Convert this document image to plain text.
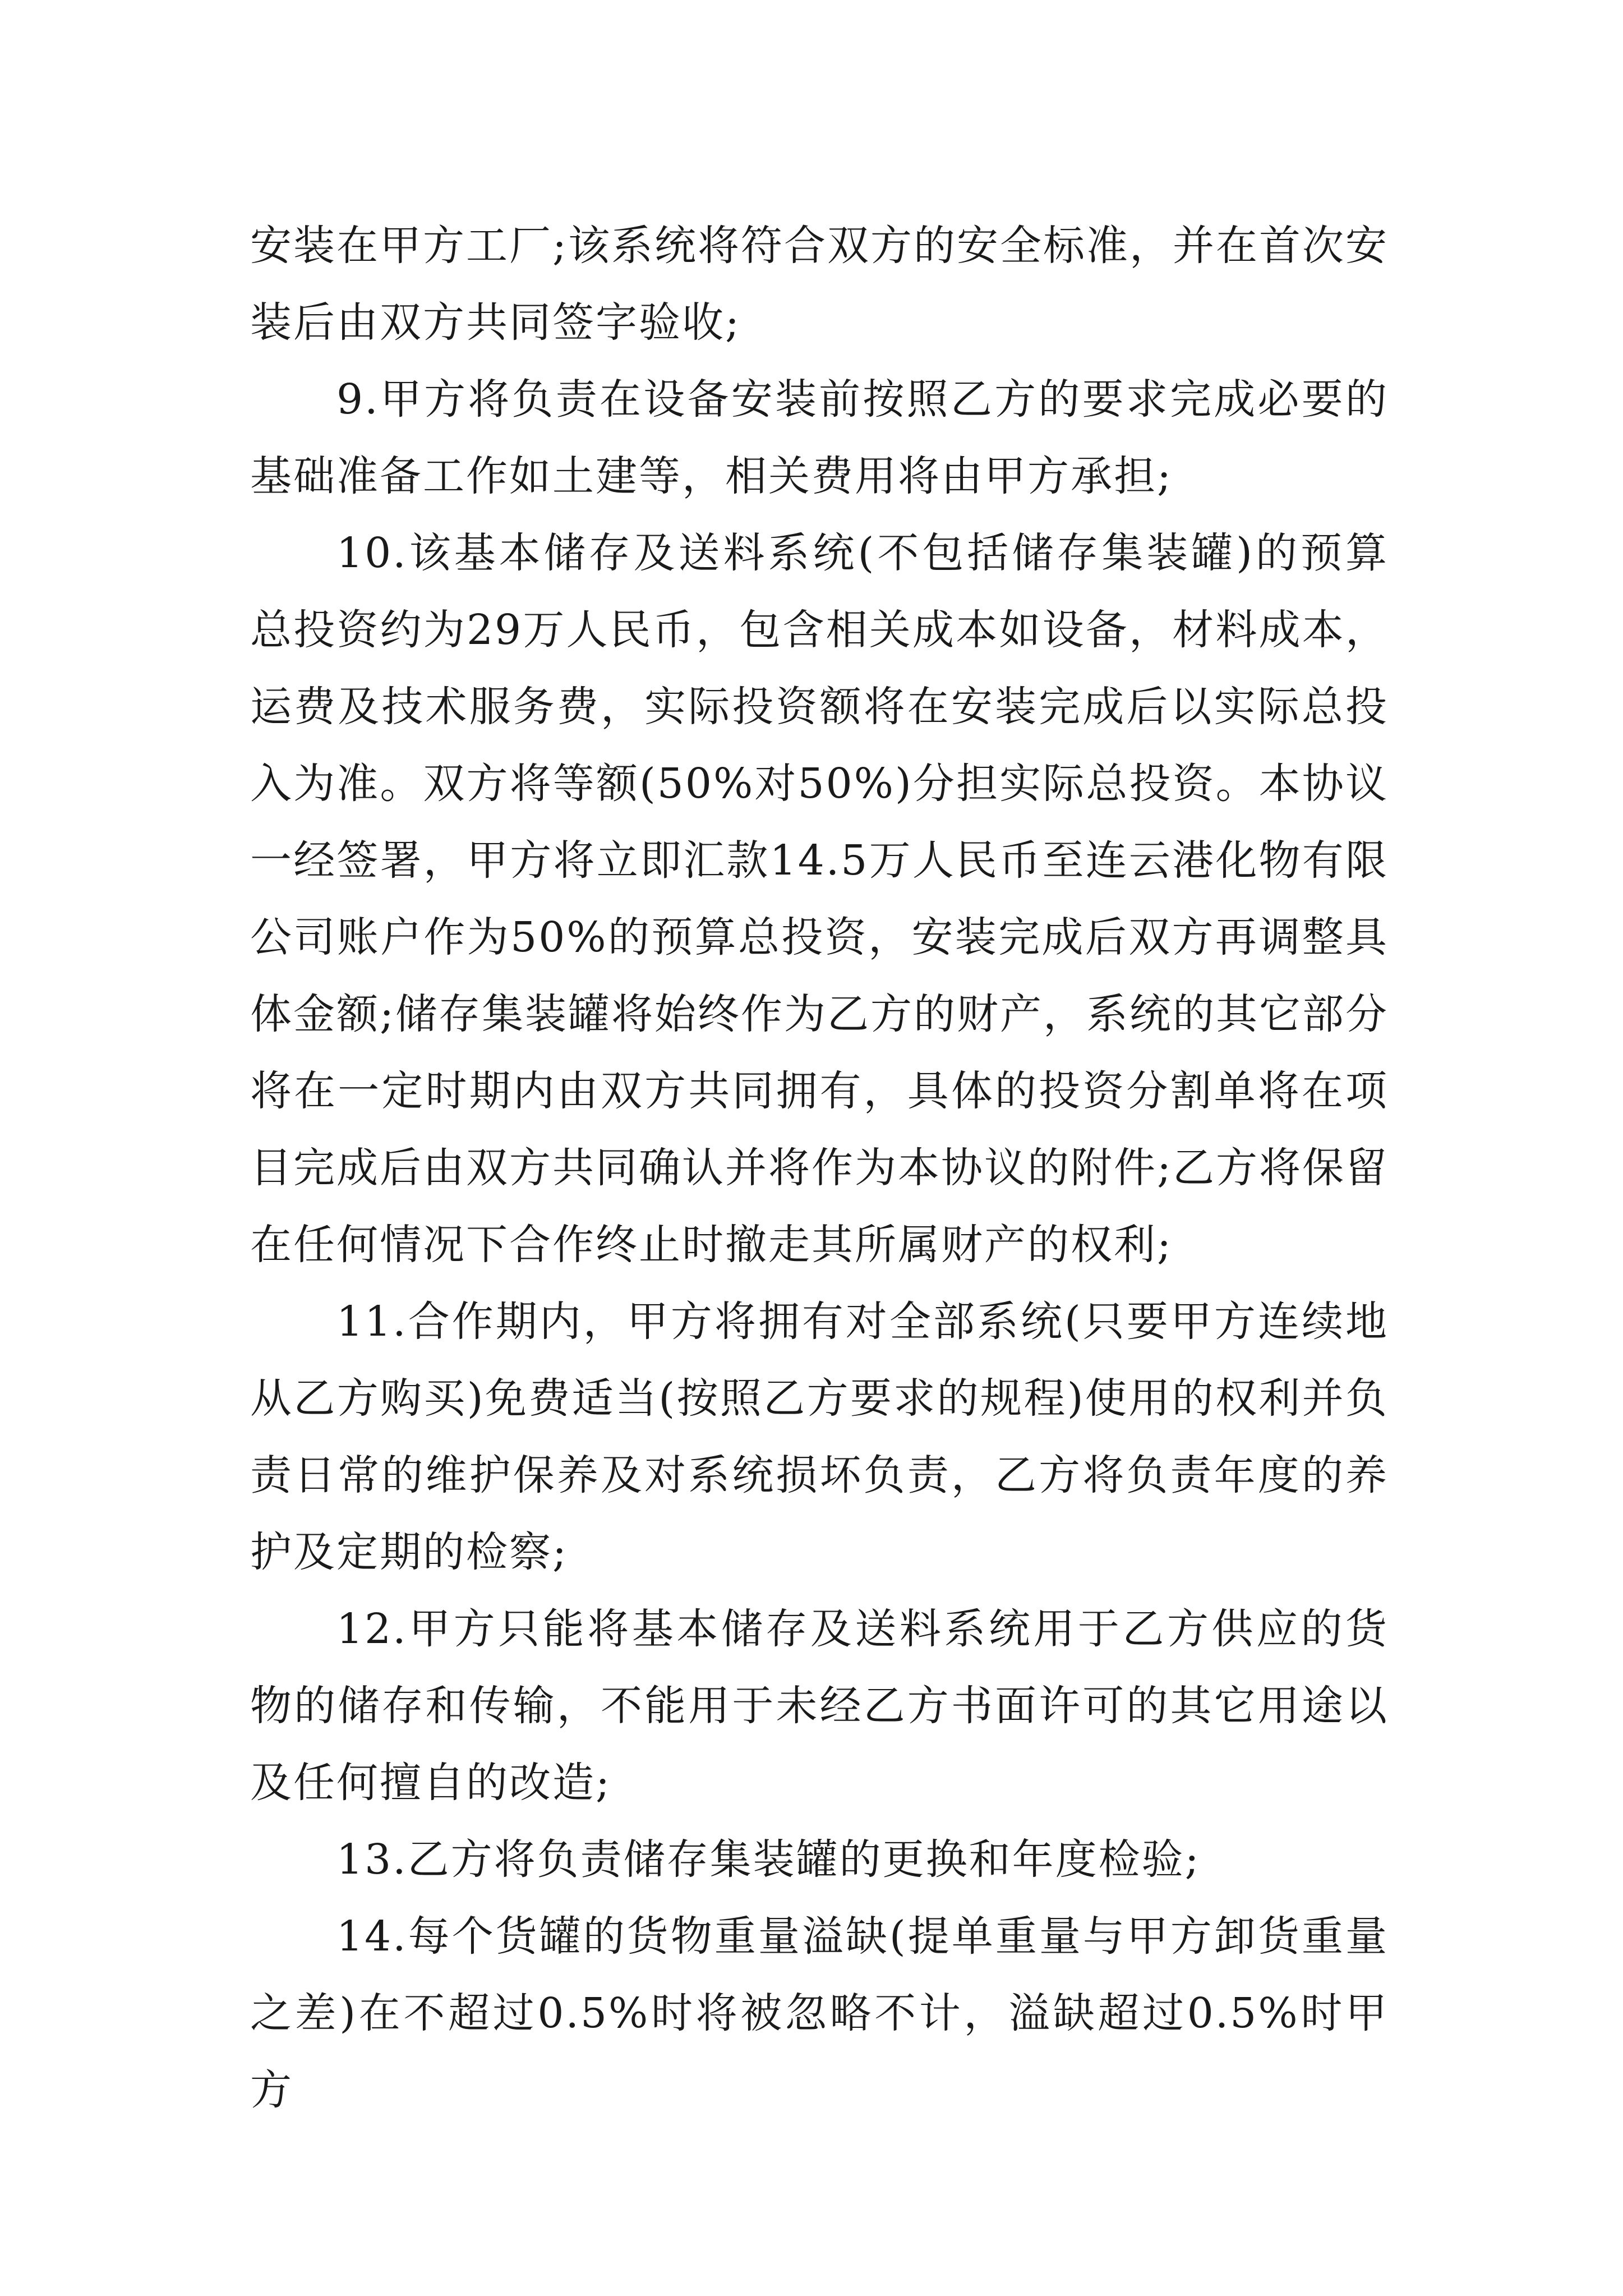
安装在甲方工厂;该系统将符合双方的安全标准，并在首次安装后由双方共同签字验收;

9.甲方将负责在设备安装前按照乙方的要求完成必要的基础准备工作如土建等，相关费用将由甲方承担;

10.该基本储存及送料系统(不包括储存集装罐)的预算总投资约为29万人民币，包含相关成本如设备，材料成本，运费及技术服务费，实际投资额将在安装完成后以实际总投入为准。双方将等额(50%对50%)分担实际总投资。本协议一经签署，甲方将立即汇款14.5万人民币至连云港化物有限公司账户作为50%的预算总投资，安装完成后双方再调整具体金额;储存集装罐将始终作为乙方的财产，系统的其它部分将在一定时期内由双方共同拥有，具体的投资分割单将在项目完成后由双方共同确认并将作为本协议的附件;乙方将保留在任何情况下合作终止时撤走其所属财产的权利;

11.合作期内，甲方将拥有对全部系统(只要甲方连续地从乙方购买)免费适当(按照乙方要求的规程)使用的权利并负责日常的维护保养及对系统损坏负责，乙方将负责年度的养护及定期的检察;

12.甲方只能将基本储存及送料系统用于乙方供应的货物的储存和传输，不能用于未经乙方书面许可的其它用途以及任何擅自的改造;

13.乙方将负责储存集装罐的更换和年度检验;

14.每个货罐的货物重量溢缺(提单重量与甲方卸货重量之差)在不超过0.5%时将被忽略不计，溢缺超过0.5%时甲方
